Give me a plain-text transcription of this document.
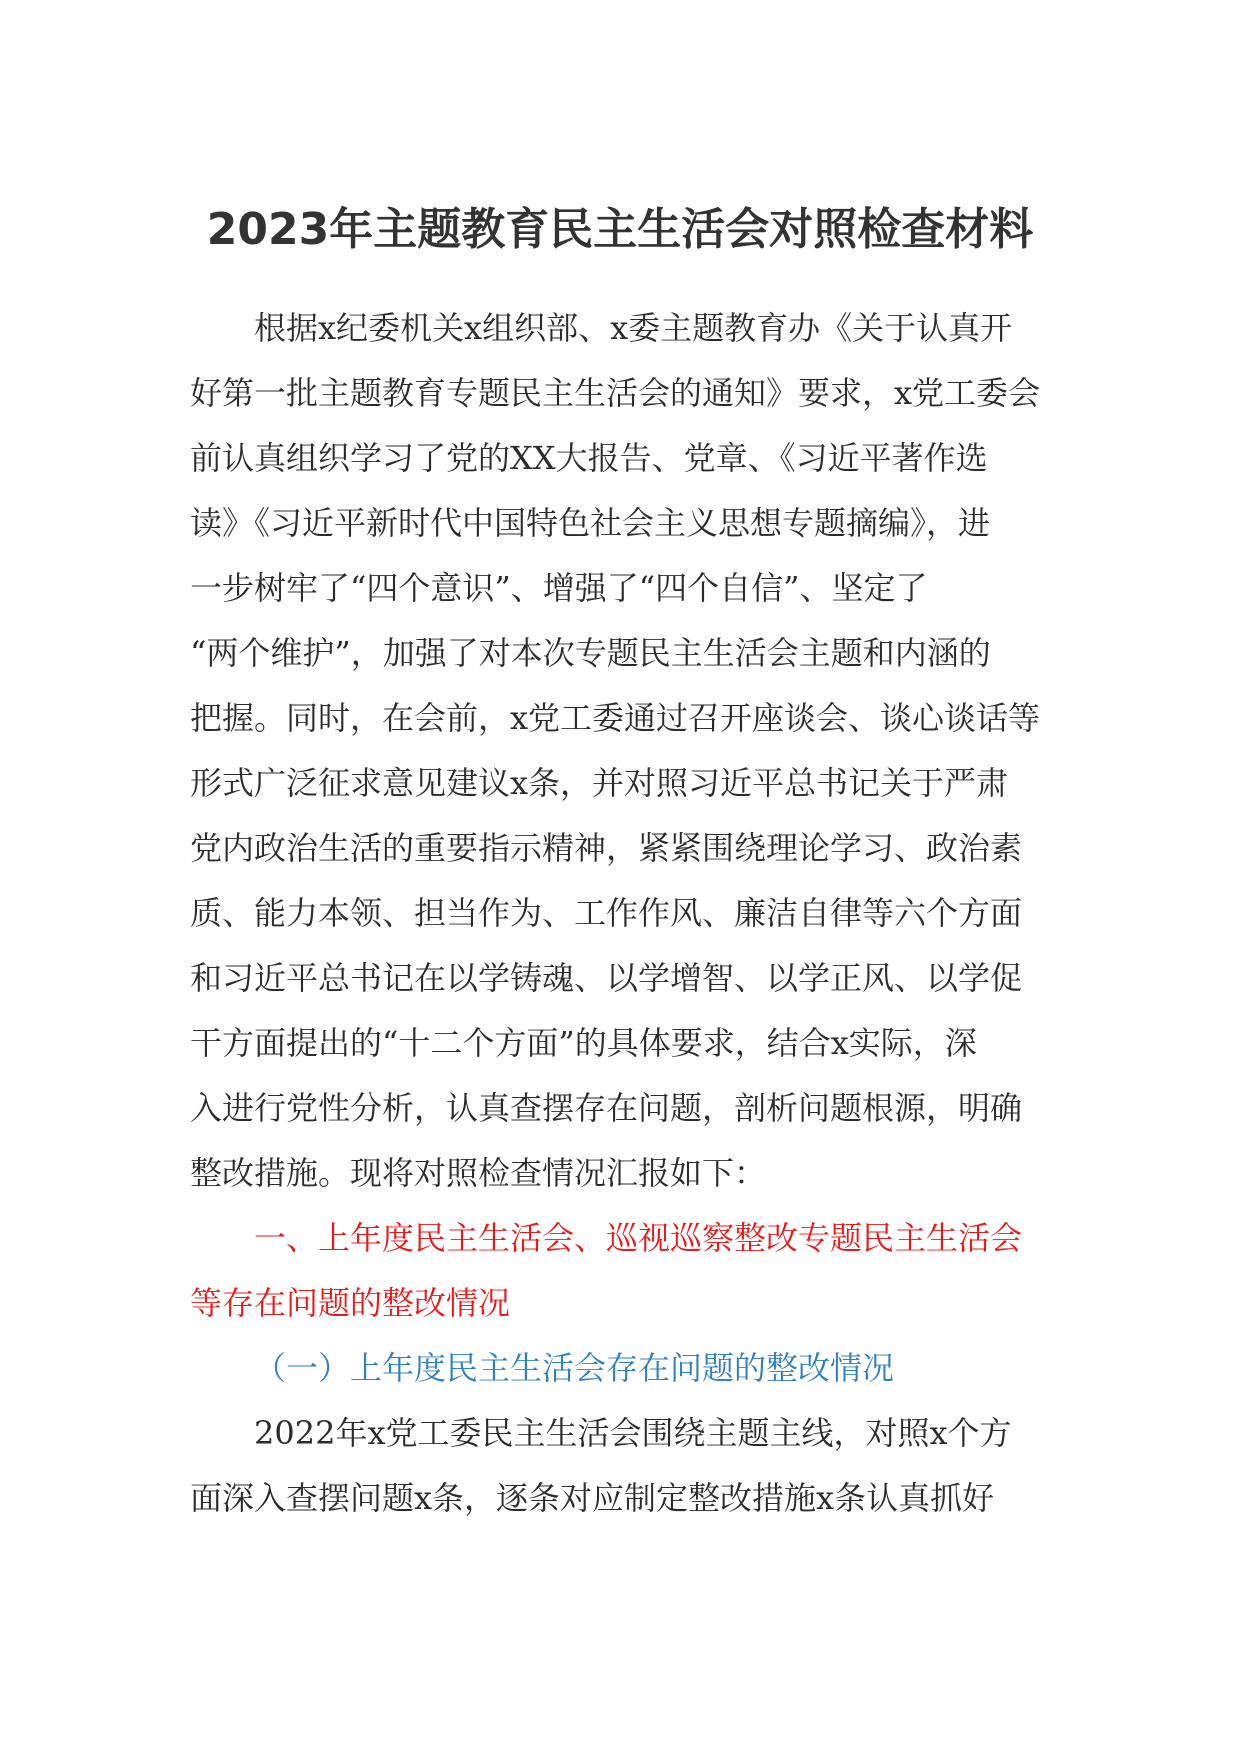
2023年主题教育民主生活会对照检查材料
根据x纪委机关x组织部、x委主题教育办《关于认真开
好第一批主题教育专题民主生活会的通知》要求，x党工委会
前认真组织学习了党的XX大报告、党章、《习近平著作选
读》《习近平新时代中国特色社会主义思想专题摘编》，进
一步树牢了“四个意识”、增强了“四个自信”、坚定了
“两个维护”，加强了对本次专题民主生活会主题和内涵的
把握。同时，在会前，x党工委通过召开座谈会、谈心谈话等
形式广泛征求意见建议x条，并对照习近平总书记关于严肃
党内政治生活的重要指示精神，紧紧围绕理论学习、政治素
质、能力本领、担当作为、工作作风、廉洁自律等六个方面
和习近平总书记在以学铸魂、以学增智、以学正风、以学促
干方面提出的“十二个方面”的具体要求，结合x实际，深
入进行党性分析，认真查摆存在问题，剖析问题根源，明确
整改措施。现将对照检查情况汇报如下：
一、上年度民主生活会、巡视巡察整改专题民主生活会
等存在问题的整改情况
（一）上年度民主生活会存在问题的整改情况
2022年x党工委民主生活会围绕主题主线，对照x个方
面深入查摆问题x条，逐条对应制定整改措施x条认真抓好
